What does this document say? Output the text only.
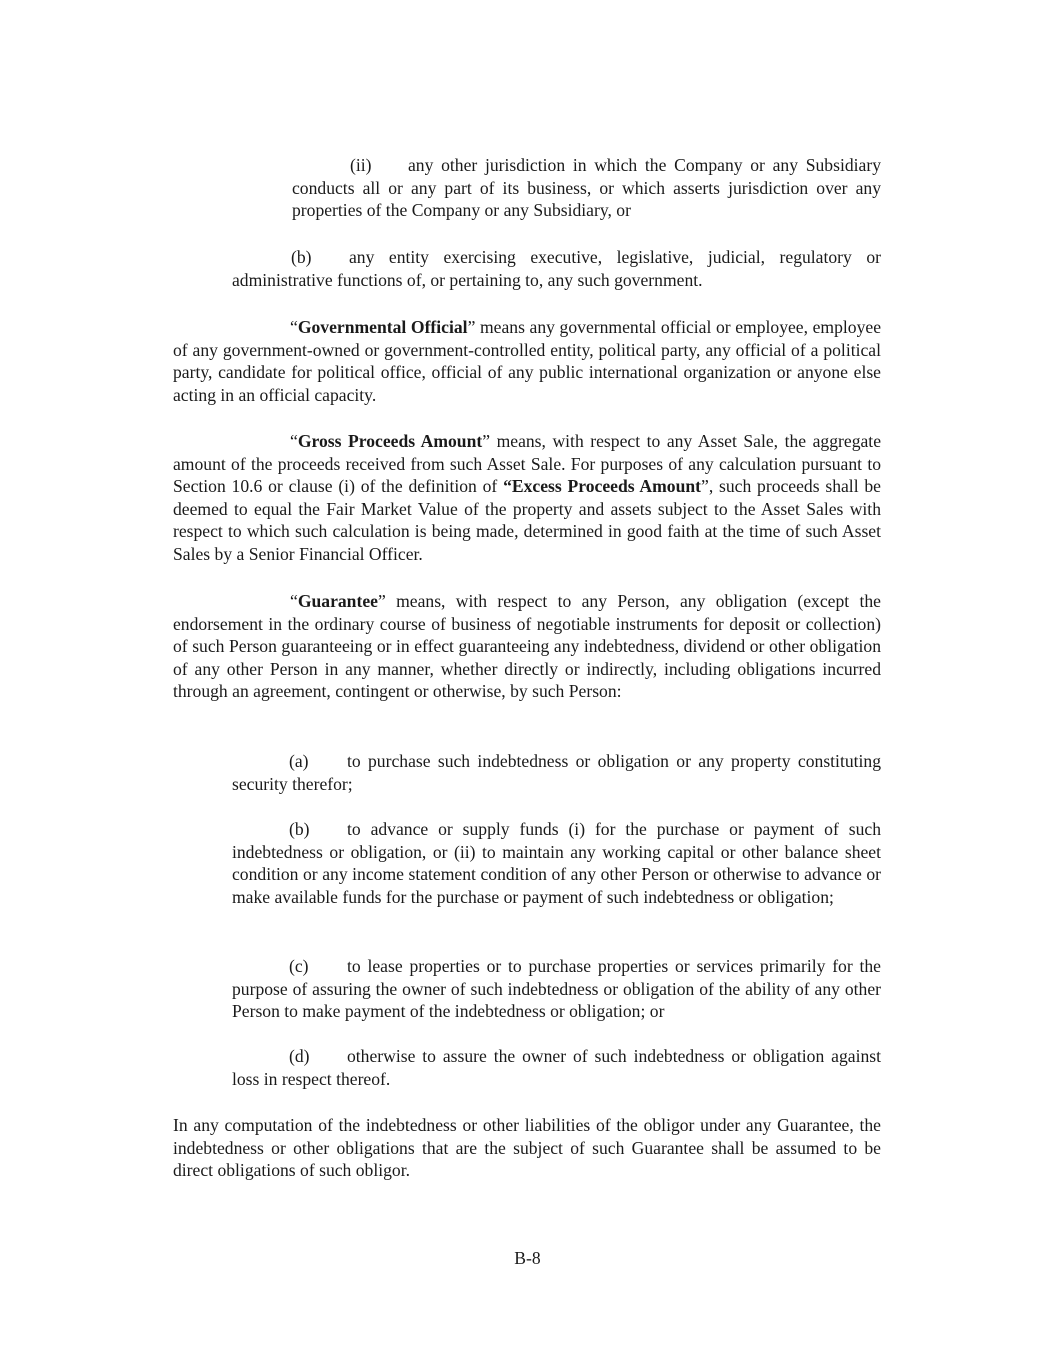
(ii) any other jurisdiction in which the Company or any Subsidiary conducts all or any part of its business, or which asserts jurisdiction over any properties of the Company or any Subsidiary, or

(b) any entity exercising executive, legislative, judicial, regulatory or administrative functions of, or pertaining to, any such government.

“Governmental Official” means any governmental official or employee, employee of any government-owned or government-controlled entity, political party, any official of a political party, candidate for political office, official of any public international organization or anyone else acting in an official capacity.

“Gross Proceeds Amount” means, with respect to any Asset Sale, the aggregate amount of the proceeds received from such Asset Sale. For purposes of any calculation pursuant to Section 10.6 or clause (i) of the definition of “Excess Proceeds Amount”, such proceeds shall be deemed to equal the Fair Market Value of the property and assets subject to the Asset Sales with respect to which such calculation is being made, determined in good faith at the time of such Asset Sales by a Senior Financial Officer.

“Guarantee” means, with respect to any Person, any obligation (except the endorsement in the ordinary course of business of negotiable instruments for deposit or collection) of such Person guaranteeing or in effect guaranteeing any indebtedness, dividend or other obligation of any other Person in any manner, whether directly or indirectly, including obligations incurred through an agreement, contingent or otherwise, by such Person:

(a) to purchase such indebtedness or obligation or any property constituting security therefor;

(b) to advance or supply funds (i) for the purchase or payment of such indebtedness or obligation, or (ii) to maintain any working capital or other balance sheet condition or any income statement condition of any other Person or otherwise to advance or make available funds for the purchase or payment of such indebtedness or obligation;

(c) to lease properties or to purchase properties or services primarily for the purpose of assuring the owner of such indebtedness or obligation of the ability of any other Person to make payment of the indebtedness or obligation; or

(d) otherwise to assure the owner of such indebtedness or obligation against loss in respect thereof.

In any computation of the indebtedness or other liabilities of the obligor under any Guarantee, the indebtedness or other obligations that are the subject of such Guarantee shall be assumed to be direct obligations of such obligor.

B-8
